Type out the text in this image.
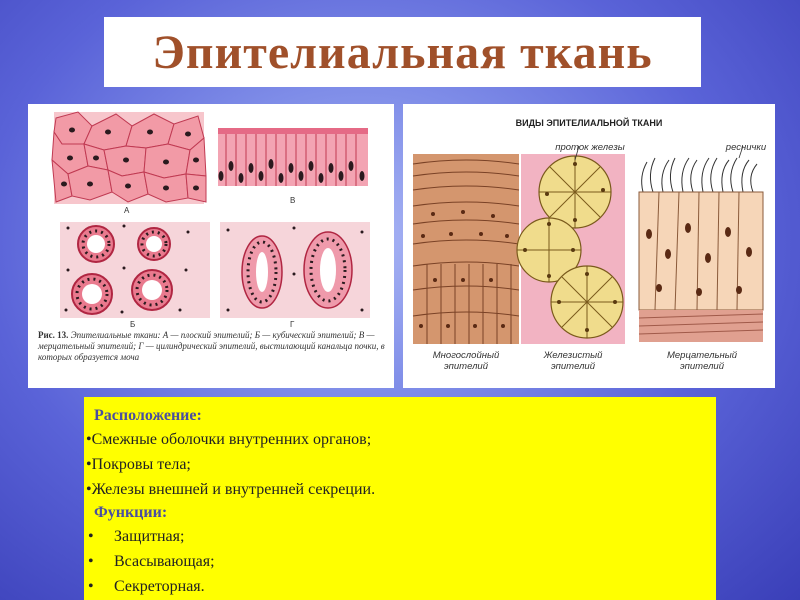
Эпителиальная ткань
А
В
Б	Г
Рис. 13. Эпителиальные ткани: А — плоский эпителий; Б — кубический эпителий; В — мерцательный эпителий; Г — цилиндрический эпителий, выстилающий канальца почки, в которых образуется моча
ВИДЫ ЭПИТЕЛИАЛЬНОЙ ТКАНИ
проток железы	реснички
Многослойный
эпителий
Железистый
эпителий
Мерцательный
эпителий
Расположение:
•Смежные оболочки внутренних органов;
•Покровы тела;
•Железы внешней и внутренней секреции.
Функции:
•	Защитная;
•	Всасывающая;
•	Секреторная.
